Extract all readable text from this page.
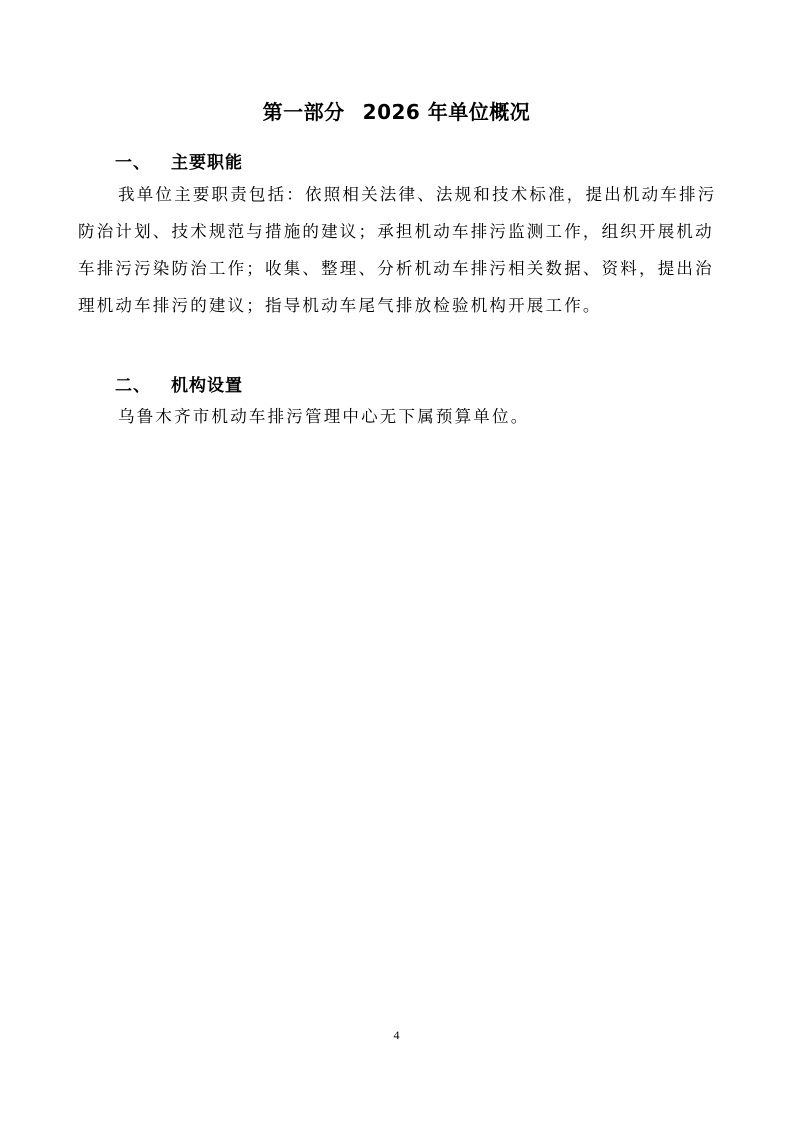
第一部分 2026 年单位概况
一、 主要职能
我单位主要职责包括：依照相关法律、法规和技术标准，提出机动车排污
防治计划、技术规范与措施的建议；承担机动车排污监测工作，组织开展机动
车排污污染防治工作；收集、整理、分析机动车排污相关数据、资料，提出治
理机动车排污的建议；指导机动车尾气排放检验机构开展工作。
二、 机构设置
乌鲁木齐市机动车排污管理中心无下属预算单位。
4
